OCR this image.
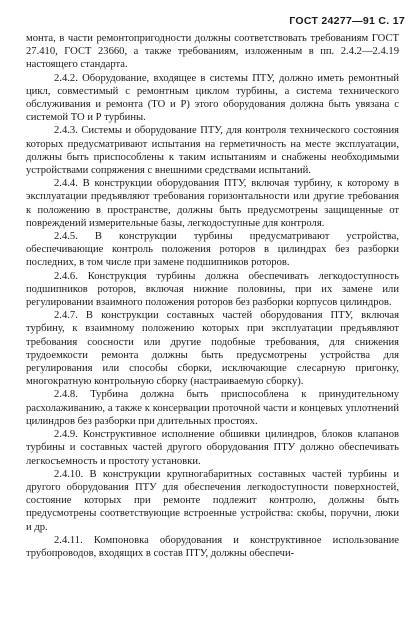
ГОСТ 24277—91 С. 17

монта, в части ремонтопригодности должны соответствовать требованиям ГОСТ 27.410, ГОСТ 23660, а также требованиям, изложенным в пп. 2.4.2—2.4.19 настоящего стандарта.

2.4.2. Оборудование, входящее в системы ПТУ, должно иметь ремонтный цикл, совместимый с ремонтным циклом турбины, а система технического обслуживания и ремонта (ТО и Р) этого оборудования должна быть увязана с системой ТО и Р турбины.

2.4.3. Системы и оборудование ПТУ, для контроля технического состояния которых предусматривают испытания на герметичность на месте эксплуатации, должны быть приспособлены к таким испытаниям и снабжены необходимыми устройствами сопряжения с внешними средствами испытаний.

2.4.4. В конструкции оборудования ПТУ, включая турбину, к которому в эксплуатации предъявляют требования горизонтальности или другие требования к положению в пространстве, должны быть предусмотрены защищенные от повреждений измерительные базы, легкодоступные для контроля.

2.4.5. В конструкции турбины предусматривают устройства, обеспечивающие контроль положения роторов в цилиндрах без разборки последних, в том числе при замене подшипников роторов.

2.4.6. Конструкция турбины должна обеспечивать легкодоступность подшипников роторов, включая нижние половины, при их замене или регулировании взаимного положения роторов без разборки корпусов цилиндров.

2.4.7. В конструкции составных частей оборудования ПТУ, включая турбину, к взаимному положению которых при эксплуатации предъявляют требования соосности или другие подобные требования, для снижения трудоемкости ремонта должны быть предусмотрены устройства для регулирования или способы сборки, исключающие слесарную пригонку, многократную контрольную сборку (настраиваемую сборку).

2.4.8. Турбина должна быть приспособлена к принудительному расхолаживанию, а также к консервации проточной части и концевых уплотнений цилиндров без разборки при длительных простоях.

2.4.9. Конструктивное исполнение обшивки цилиндров, блоков клапанов турбины и составных частей другого оборудования ПТУ должно обеспечивать легкосъемность и простоту установки.

2.4.10. В конструкции крупногабаритных составных частей турбины и другого оборудования ПТУ для обеспечения легкодоступности поверхностей, состояние которых при ремонте подлежит контролю, должны быть предусмотрены соответствующие встроенные устройства: скобы, поручни, люки и др.

2.4.11. Компоновка оборудования и конструктивное использование трубопроводов, входящих в состав ПТУ, должны обеспечи-
